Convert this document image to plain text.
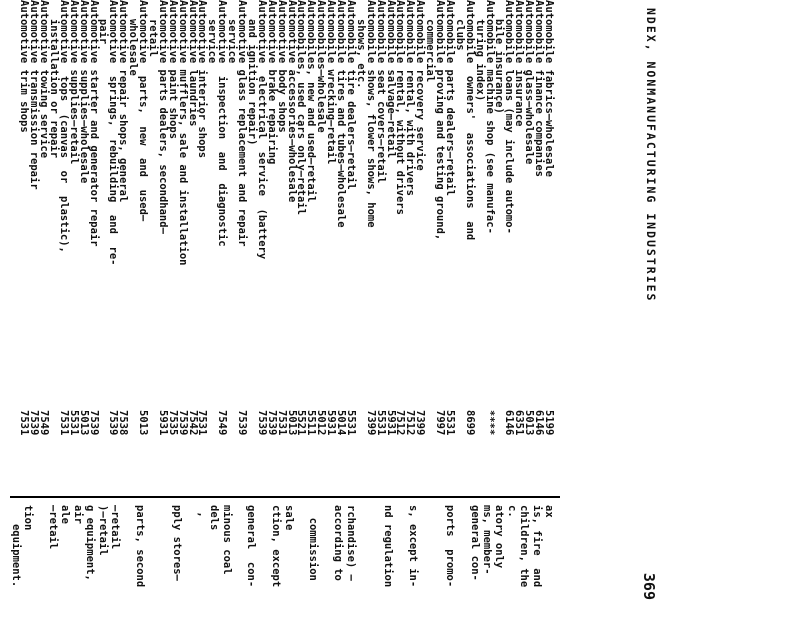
NDEX, NONMANUFACTURING INDUSTRIES
369
ax
is, fire  and
children, the
c.
atory only
ms, member-
general con-
ports  promo-
s, except in-
nd regulation
rchandise) —
according to
commission
sale
ction, except
general  con-
minous coal
dels
,
pply stores—
parts, second
—retail
)—retail
g equipment,
air
ale
—retail
tion
equipment.
5199
Automobile fabrics—wholesale
6146
Automobile finance companies
5013
Automobile glass—wholesale
6351
Automobile insurance
6146
Automobile loans (may include automo-
bile insurance)
****
Automobile machine shop (see manufac-
turing index)
8699
Automobile  owners'  associations  and
clubs
5531
Automobile parts dealers—retail
7997
Automobile proving and testing ground,
commercial
7399
Automobile recovery service
7512
Automobile rental, with drivers
7512
Automobile rental, without drivers
5931
Automobile salvage—retail
5531
Automobile seat covers—retail
7399
Automobile shows, flower shows, home
shows, etc.
5531
Automobile tire dealers—retail
5014
Automobile tires and tubes—wholesale
5931
Automobile wrecking—retail
5012
Automobiles—wholesale
5511
Automobiles, new and used—retail
5521
Automobiles, used cars only—retail
5013
Automotive accessories—wholesale
7531
Automotive body shops
7539
Automotive brake repairing
7539
Automotive  electrical  service  (battery
and ignition repair)
7539
Automotive glass replacement and repair
service
7549
Automotive  inspection  and  diagnostic
service
7531
Automotive interior shops
7542
Automotive laundries
7539
Automotive mufflers, sale and installation
7535
Automotive paint shops
5931
Automotive parts dealers, secondhand—
retail
5013
Automotive  parts,  new  and  used—
wholesale
7538
Automotive repair shops, general
7539
Automotive  springs,  rebuilding  and  re-
pair
7539
Automotive starter and generator repair
5013
Automotive supplies—wholesale
5531
Automotive supplies—retail
7531
Automotive  tops  (canvas  or  plastic),
installation or repair
7549
Automotive towing service
7539
Automotive transmission repair
7531
Automotive trim shops
